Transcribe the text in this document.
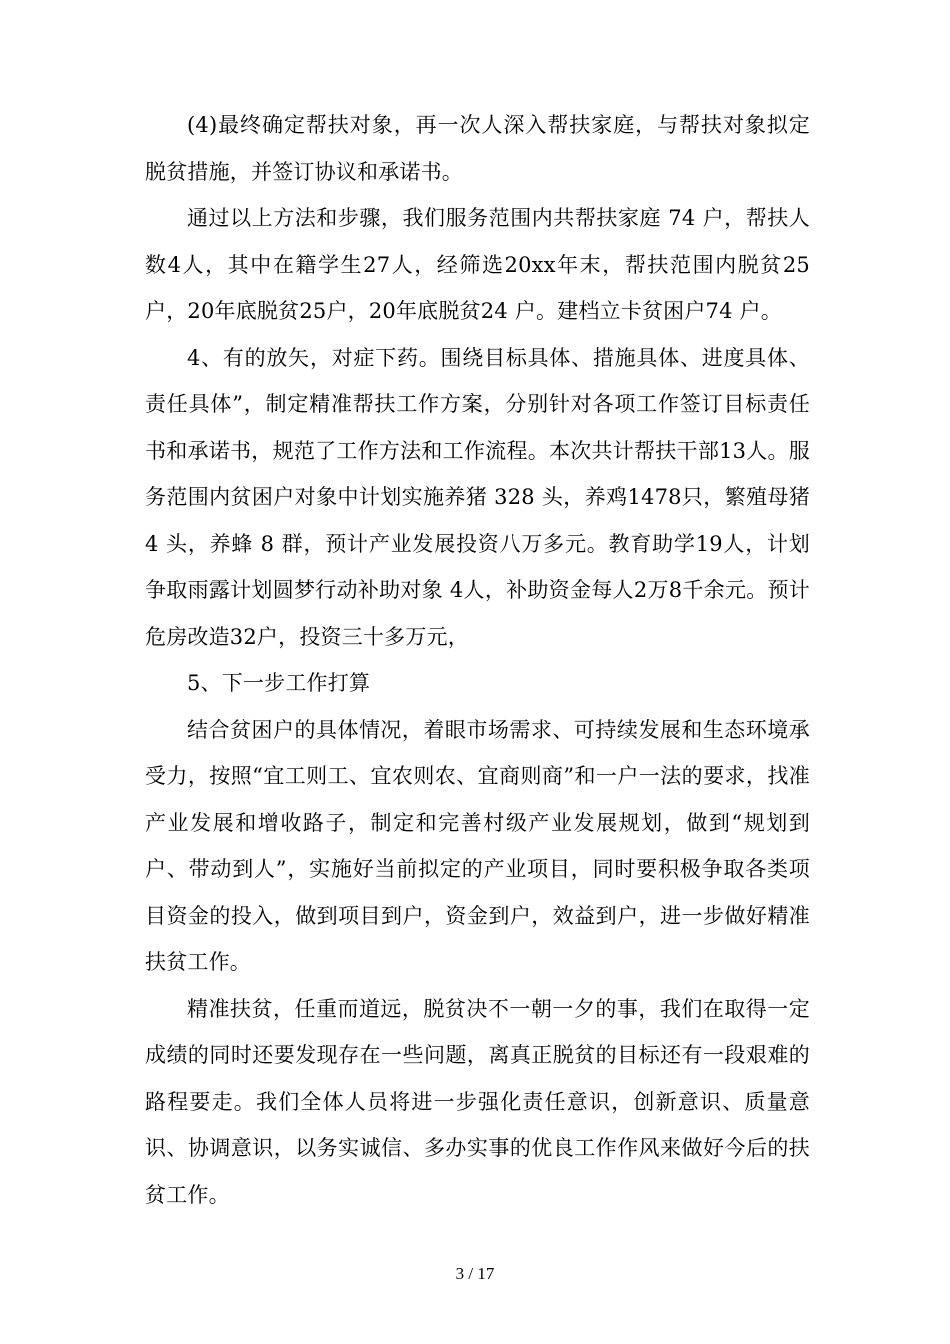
(4)最终确定帮扶对象，再一次人深入帮扶家庭，与帮扶对象拟定脱贫措施，并签订协议和承诺书。

通过以上方法和步骤，我们服务范围内共帮扶家庭 74 户，帮扶人数4人，其中在籍学生27人，经筛选20xx年末，帮扶范围内脱贫25 户，20年底脱贫25户，20年底脱贫24 户。建档立卡贫困户74 户。

4、有的放矢，对症下药。围绕目标具体、措施具体、进度具体、责任具体”，制定精准帮扶工作方案，分别针对各项工作签订目标责任书和承诺书，规范了工作方法和工作流程。本次共计帮扶干部13人。服务范围内贫困户对象中计划实施养猪 328 头，养鸡1478只，繁殖母猪4 头，养蜂 8 群，预计产业发展投资八万多元。教育助学19人，计划争取雨露计划圆梦行动补助对象 4人，补助资金每人2万8千余元。预计危房改造32户，投资三十多万元，

5、下一步工作打算

结合贫困户的具体情况，着眼市场需求、可持续发展和生态环境承受力，按照“宜工则工、宜农则农、宜商则商”和一户一法的要求，找准产业发展和增收路子，制定和完善村级产业发展规划，做到“规划到户、带动到人”，实施好当前拟定的产业项目，同时要积极争取各类项目资金的投入，做到项目到户，资金到户，效益到户，进一步做好精准扶贫工作。

精准扶贫，任重而道远，脱贫决不一朝一夕的事，我们在取得一定成绩的同时还要发现存在一些问题，离真正脱贫的目标还有一段艰难的路程要走。我们全体人员将进一步强化责任意识，创新意识、质量意识、协调意识，以务实诚信、多办实事的优良工作作风来做好今后的扶贫工作。

3 / 17
